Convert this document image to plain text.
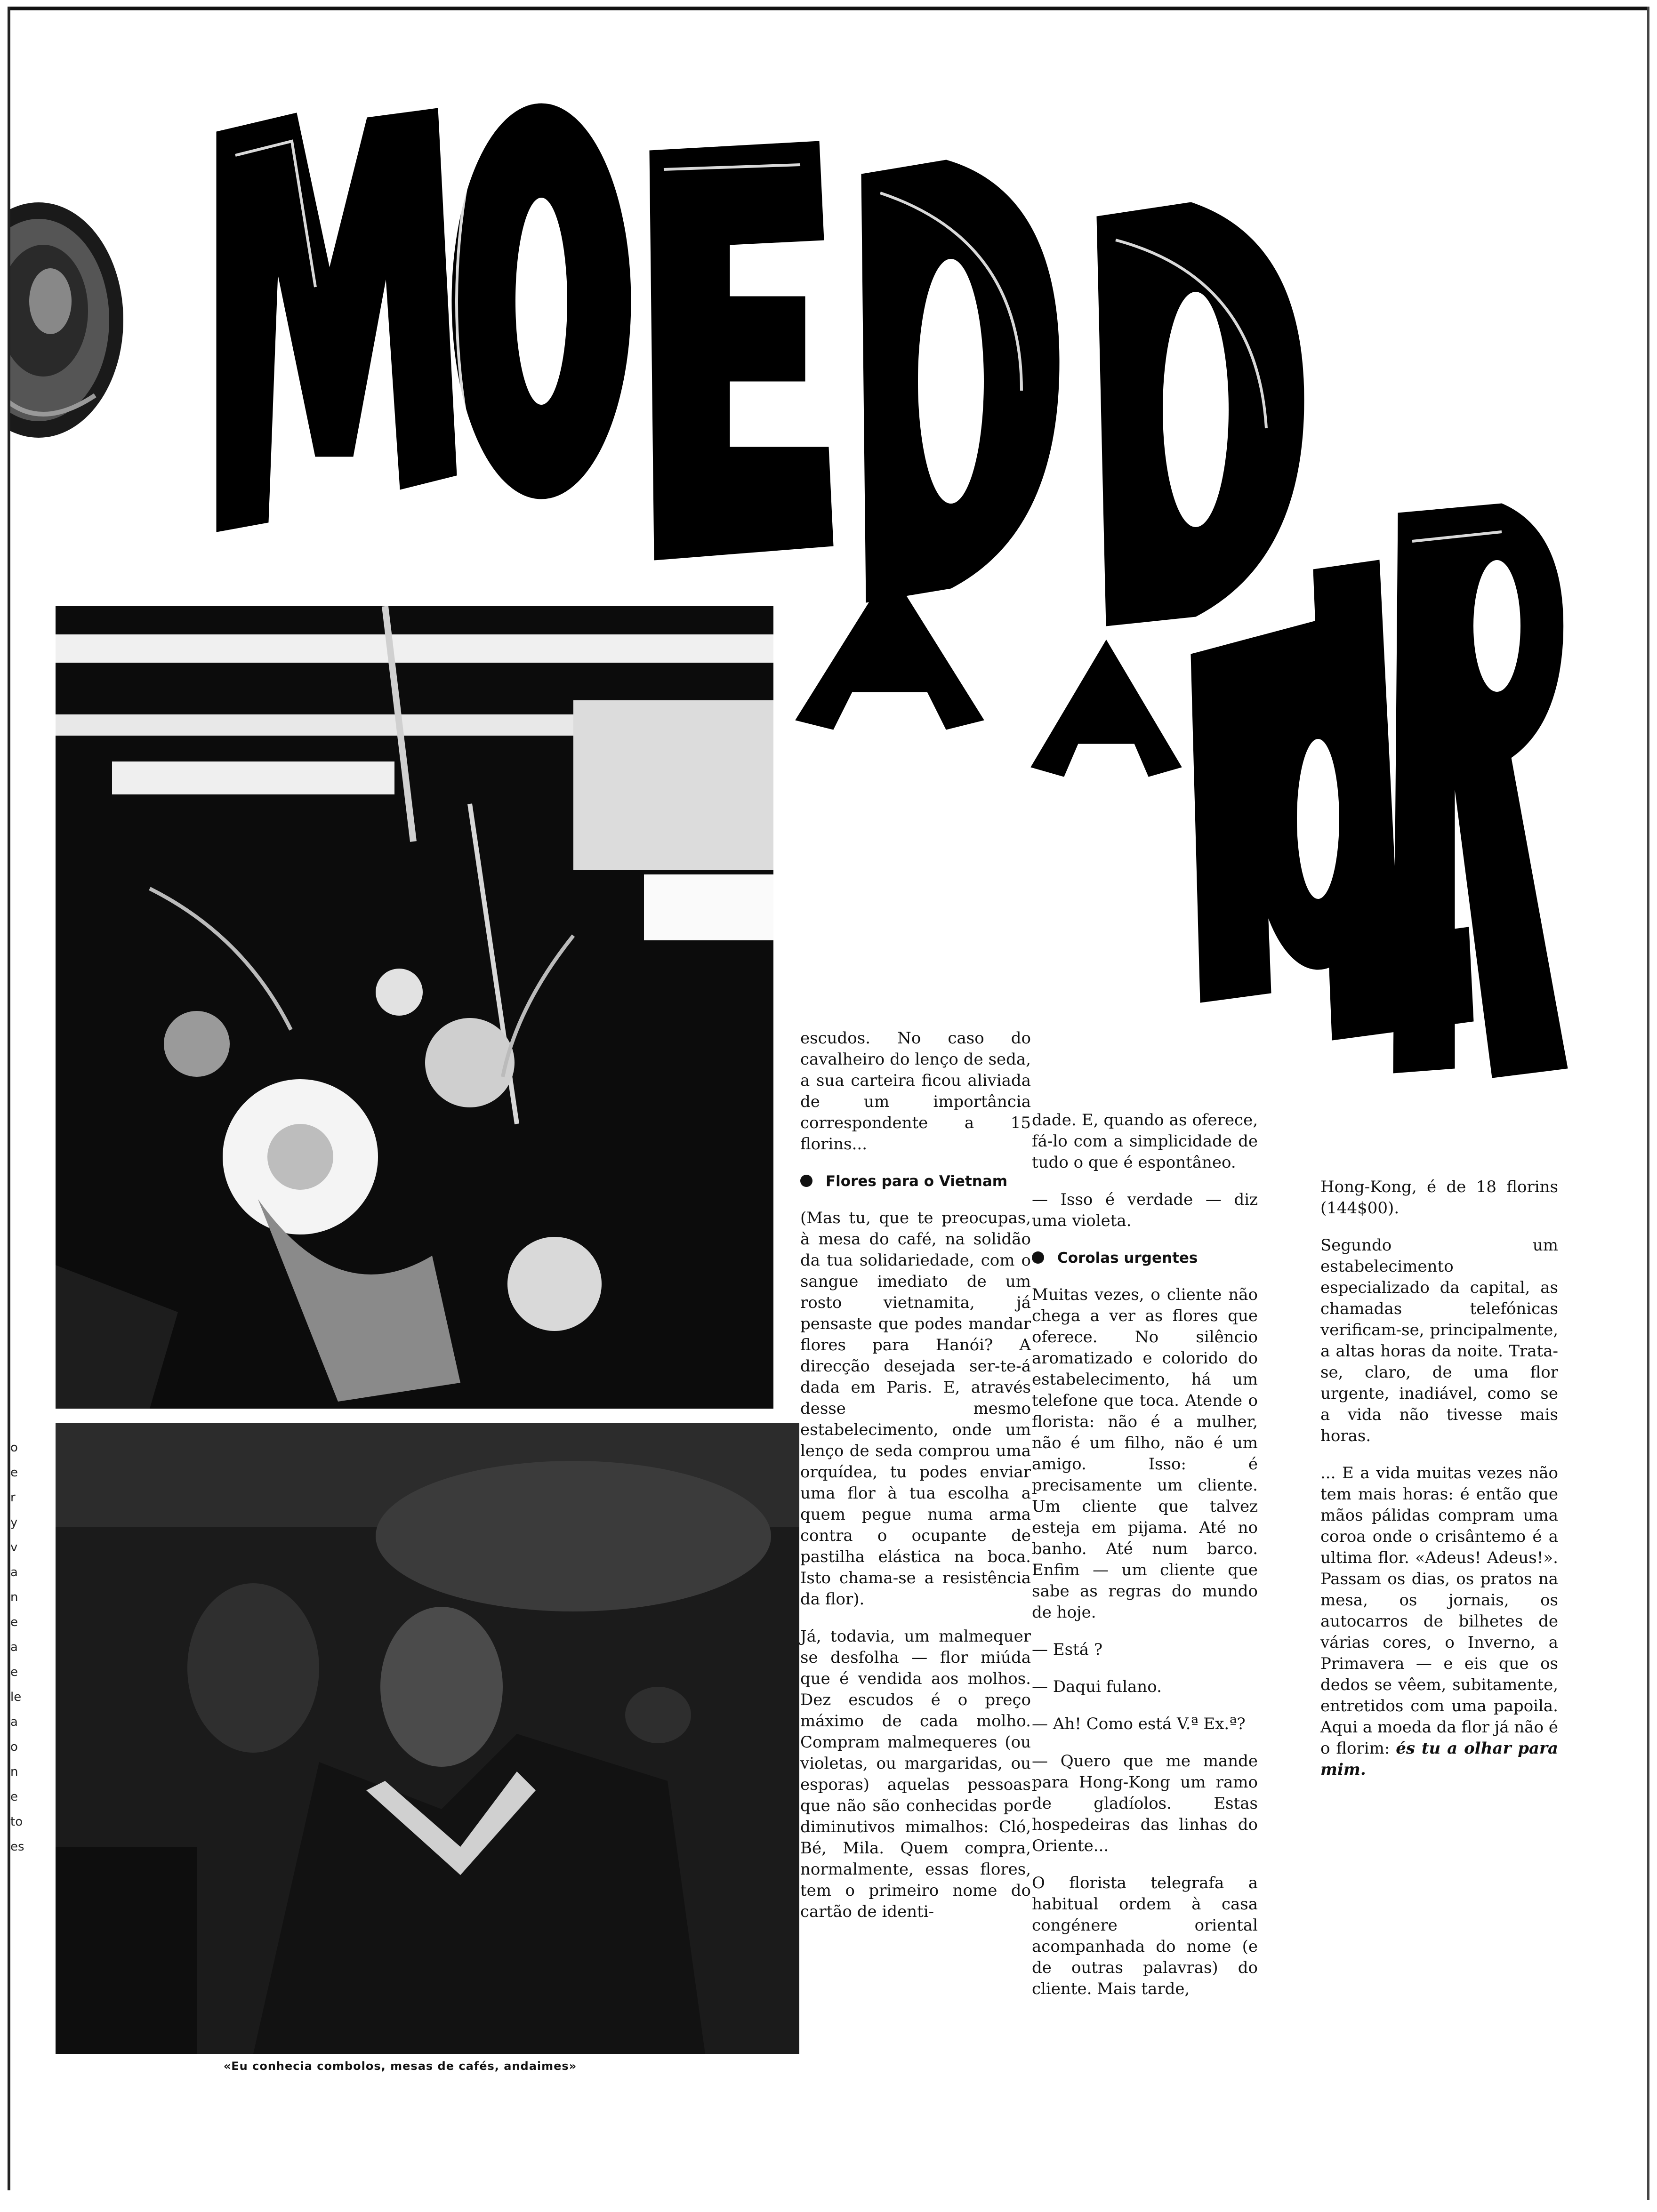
«Eu conhecia combolos, mesas de cafés, andaimes»

escudos. No caso do cavalheiro do lenço de seda, a sua carteira ficou aliviada de um importância correspondente a 15 florins...

Flores para o Vietnam

(Mas tu, que te preocupas, à mesa do café, na solidão da tua solidariedade, com o sangue imediato de um rosto vietnamita, já pensaste que podes mandar flores para Hanói? A direcção desejada ser-te-á dada em Paris. E, através desse mesmo estabelecimento, onde um lenço de seda comprou uma orquídea, tu podes enviar uma flor à tua escolha a quem pegue numa arma contra o ocupante de pastilha elástica na boca. Isto chama-se a resistência da flor).

Já, todavia, um malmequer se desfolha — flor miúda que é vendida aos molhos. Dez escudos é o preço máximo de cada molho. Compram malmequeres (ou violetas, ou margaridas, ou esporas) aquelas pessoas que não são conhecidas por diminutivos mimalhos: Cló, Bé, Mila. Quem compra, normalmente, essas flores, tem o primeiro nome do cartão de identi-

dade. E, quando as oferece, fá-lo com a simplicidade de tudo o que é espontâneo.

— Isso é verdade — diz uma violeta.

Corolas urgentes

Muitas vezes, o cliente não chega a ver as flores que oferece. No silêncio aromatizado e colorido do estabelecimento, há um telefone que toca. Atende o florista: não é a mulher, não é um filho, não é um amigo. Isso: é precisamente um cliente. Um cliente que talvez esteja em pijama. Até no banho. Até num barco. Enfim — um cliente que sabe as regras do mundo de hoje.

— Está ?

— Daqui fulano.

— Ah! Como está V.ª Ex.ª?

— Quero que me mande para Hong-Kong um ramo de gladíolos. Estas hospedeiras das linhas do Oriente...

O florista telegrafa a habitual ordem à casa congénere oriental acompanhada do nome (e de outras palavras) do cliente. Mais tarde,

Hong-Kong, é de 18 florins (144$00).

Segundo um estabelecimento especializado da capital, as chamadas telefónicas verificam-se, principalmente, a altas horas da noite. Trata-se, claro, de uma flor urgente, inadiável, como se a vida não tivesse mais horas.

... E a vida muitas vezes não tem mais horas: é então que mãos pálidas compram uma coroa onde o crisântemo é a ultima flor. «Adeus! Adeus!». Passam os dias, os pratos na mesa, os jornais, os autocarros de bilhetes de várias cores, o Inverno, a Primavera — e eis que os dedos se vêem, subitamente, entretidos com uma papoila. Aqui a moeda da flor já não é o florim: és tu a olhar para mim.

o
e
r
y
v
a
n
e
a
e
le
a
o
n
e
to
es
